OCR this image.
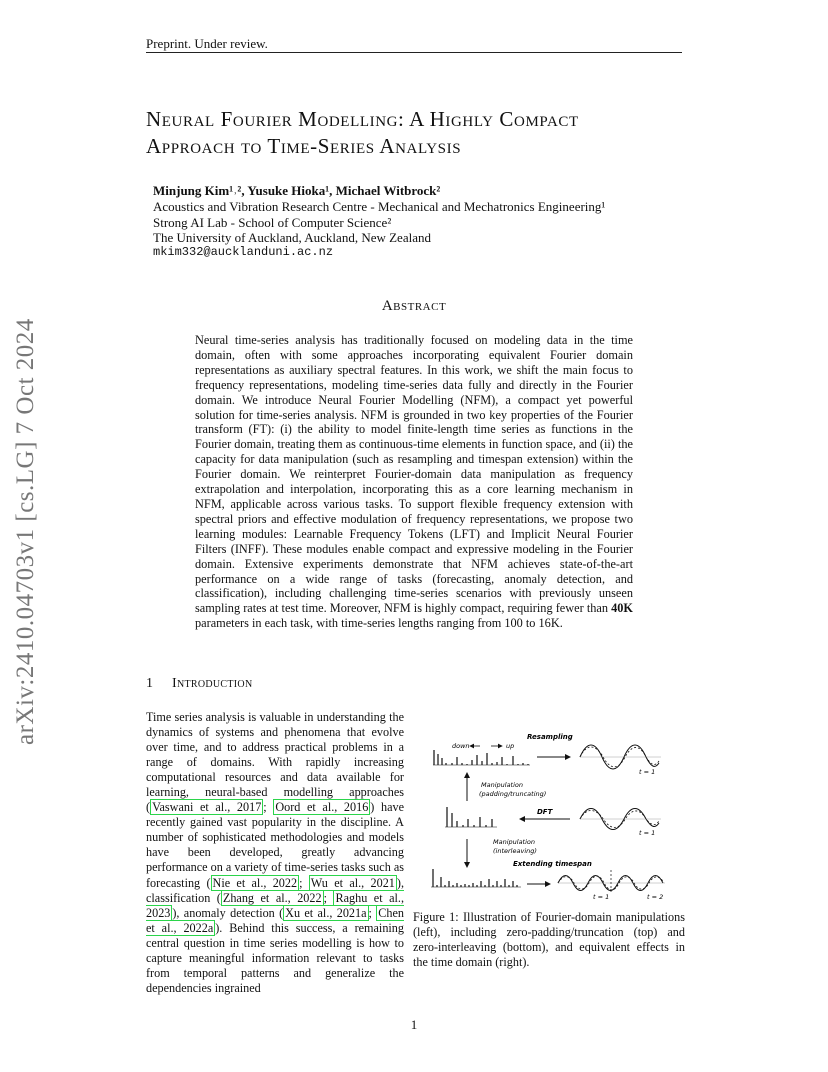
Preprint. Under review.
Neural Fourier Modelling: A Highly Compact
Approach to Time-Series Analysis
Minjung Kim¹˒², Yusuke Hioka¹, Michael Witbrock²
Acoustics and Vibration Research Centre - Mechanical and Mechatronics Engineering¹
Strong AI Lab - School of Computer Science²
The University of Auckland, Auckland, New Zealand
mkim332@aucklanduni.ac.nz
arXiv:2410.04703v1 [cs.LG] 7 Oct 2024
Abstract
Neural time-series analysis has traditionally focused on modeling data in the time domain, often with some approaches incorporating equivalent Fourier domain representations as auxiliary spectral features. In this work, we shift the main focus to frequency representations, modeling time-series data fully and directly in the Fourier domain. We introduce Neural Fourier Modelling (NFM), a compact yet powerful solution for time-series analysis. NFM is grounded in two key properties of the Fourier transform (FT): (i) the ability to model finite-length time series as functions in the Fourier domain, treating them as continuous-time elements in function space, and (ii) the capacity for data manipulation (such as resampling and timespan extension) within the Fourier domain. We reinterpret Fourier-domain data manipulation as frequency extrapolation and interpolation, incorporating this as a core learning mechanism in NFM, applicable across various tasks. To support flexible frequency extension with spectral priors and effective modulation of frequency representations, we propose two learning modules: Learnable Frequency Tokens (LFT) and Implicit Neural Fourier Filters (INFF). These modules enable compact and expressive modeling in the Fourier domain. Extensive experiments demonstrate that NFM achieves state-of-the-art performance on a wide range of tasks (forecasting, anomaly detection, and classification), including challenging time-series scenarios with previously unseen sampling rates at test time. Moreover, NFM is highly compact, requiring fewer than 40K parameters in each task, with time-series lengths ranging from 100 to 16K.
1 Introduction
Time series analysis is valuable in understanding the dynamics of systems and phenomena that evolve over time, and to address practical problems in a range of domains. With rapidly increasing computational resources and data available for learning, neural-based modelling approaches ( Vaswani et al., 2017 ; Oord et al., 2016 ) have recently gained vast popularity in the discipline. A number of sophisticated methodologies and models have been developed, greatly advancing performance on a variety of time-series tasks such as forecasting ( Nie et al., 2022 ; Wu et al., 2021 ), classification ( Zhang et al., 2022 ; Raghu et al., 2023 ), anomaly detection ( Xu et al., 2021a ; Chen et al., 2022a ). Behind this success, a remaining central question in time series modelling is how to capture meaningful information relevant to tasks from temporal patterns and generalize the dependencies ingrained
Resampling
down	up
t = 1
Manipulation
(padding/truncating)
DFT
t = 1
Manipulation
(interleaving)
Extending timespan
t = 1	t = 2
Figure 1: Illustration of Fourier-domain manipulations (left), including zero-padding/truncation (top) and zero-interleaving (bottom), and equivalent effects in the time domain (right).
1
